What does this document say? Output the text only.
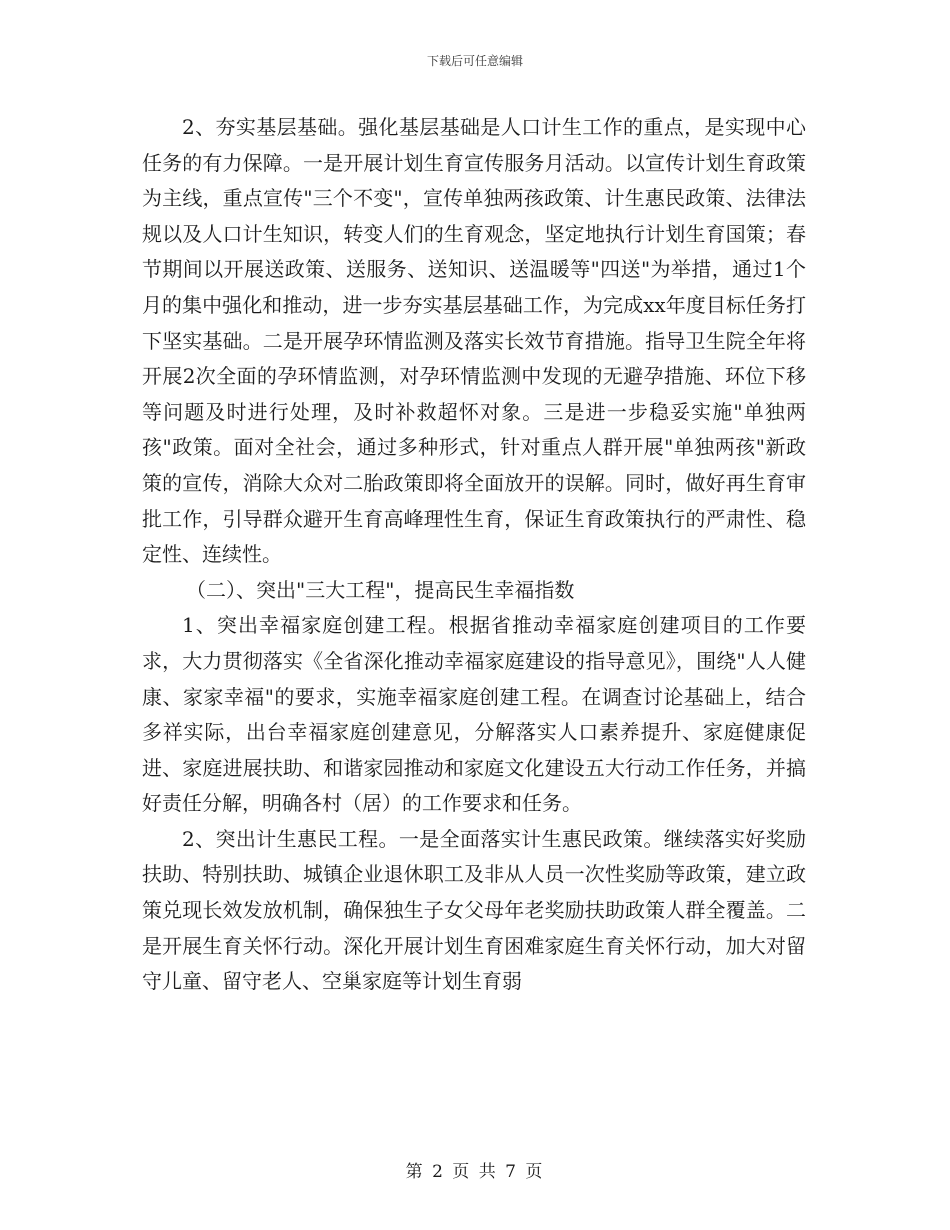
下载后可任意编辑

2、夯实基层基础。强化基层基础是人口计生工作的重点，是实现中心任务的有力保障。一是开展计划生育宣传服务月活动。以宣传计划生育政策为主线，重点宣传"三个不变"，宣传单独两孩政策、计生惠民政策、法律法规以及人口计生知识，转变人们的生育观念，坚定地执行计划生育国策；春节期间以开展送政策、送服务、送知识、送温暖等"四送"为举措，通过1个月的集中强化和推动，进一步夯实基层基础工作，为完成xx年度目标任务打下坚实基础。二是开展孕环情监测及落实长效节育措施。指导卫生院全年将开展2次全面的孕环情监测，对孕环情监测中发现的无避孕措施、环位下移等问题及时进行处理，及时补救超怀对象。三是进一步稳妥实施"单独两孩"政策。面对全社会，通过多种形式，针对重点人群开展"单独两孩"新政策的宣传，消除大众对二胎政策即将全面放开的误解。同时，做好再生育审批工作，引导群众避开生育高峰理性生育，保证生育政策执行的严肃性、稳定性、连续性。

（二）、突出"三大工程"，提高民生幸福指数

1、突出幸福家庭创建工程。根据省推动幸福家庭创建项目的工作要求，大力贯彻落实《全省深化推动幸福家庭建设的指导意见》，围绕"人人健康、家家幸福"的要求，实施幸福家庭创建工程。在调查讨论基础上，结合多祥实际，出台幸福家庭创建意见，分解落实人口素养提升、家庭健康促进、家庭进展扶助、和谐家园推动和家庭文化建设五大行动工作任务，并搞好责任分解，明确各村（居）的工作要求和任务。

2、突出计生惠民工程。一是全面落实计生惠民政策。继续落实好奖励扶助、特别扶助、城镇企业退休职工及非从人员一次性奖励等政策，建立政策兑现长效发放机制，确保独生子女父母年老奖励扶助政策人群全覆盖。二是开展生育关怀行动。深化开展计划生育困难家庭生育关怀行动，加大对留守儿童、留守老人、空巢家庭等计划生育弱

第 2 页 共 7 页
